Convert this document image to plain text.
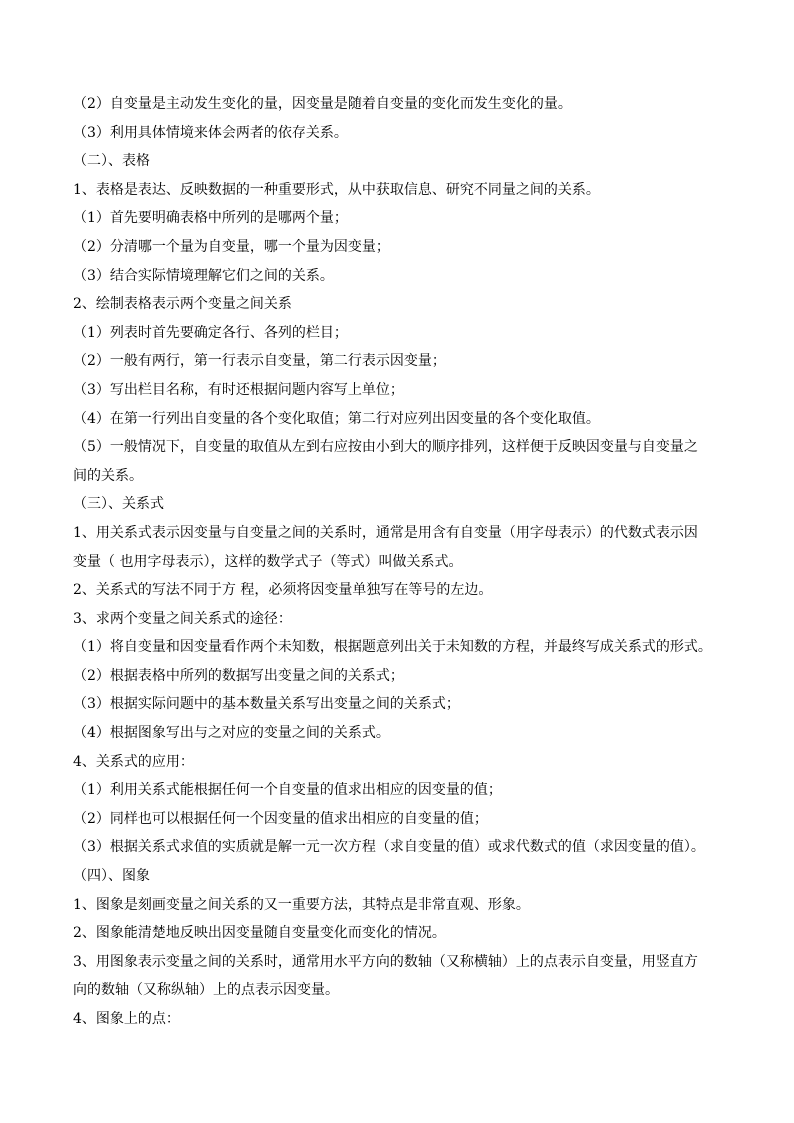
（2）自变量是主动发生变化的量，因变量是随着自变量的变化而发生变化的量。
（3）利用具体情境来体会两者的依存关系。
（二）、表格
1、表格是表达、反映数据的一种重要形式，从中获取信息、研究不同量之间的关系。
（1）首先要明确表格中所列的是哪两个量；
（2）分清哪一个量为自变量，哪一个量为因变量；
（3）结合实际情境理解它们之间的关系。
2、绘制表格表示两个变量之间关系
（1）列表时首先要确定各行、各列的栏目；
（2）一般有两行，第一行表示自变量，第二行表示因变量；
（3）写出栏目名称，有时还根据问题内容写上单位；
（4）在第一行列出自变量的各个变化取值；第二行对应列出因变量的各个变化取值。
（5）一般情况下，自变量的取值从左到右应按由小到大的顺序排列，这样便于反映因变量与自变量之
间的关系。
（三）、关系式
1、用关系式表示因变量与自变量之间的关系时，通常是用含有自变量（用字母表示）的代数式表示因
变量（ 也用字母表示），这样的数学式子（等式）叫做关系式。
2、关系式的写法不同于方 程，必须将因变量单独写在等号的左边。
3、求两个变量之间关系式的途径：
（1）将自变量和因变量看作两个未知数，根据题意列出关于未知数的方程，并最终写成关系式的形式。
（2）根据表格中所列的数据写出变量之间的关系式；
（3）根据实际问题中的基本数量关系写出变量之间的关系式；
（4）根据图象写出与之对应的变量之间的关系式。
4、关系式的应用：
（1）利用关系式能根据任何一个自变量的值求出相应的因变量的值；
（2）同样也可以根据任何一个因变量的值求出相应的自变量的值；
（3）根据关系式求值的实质就是解一元一次方程（求自变量的值）或求代数式的值（求因变量的值）。
（四）、图象
1、图象是刻画变量之间关系的又一重要方法，其特点是非常直观、形象。
2、图象能清楚地反映出因变量随自变量变化而变化的情况。
3、用图象表示变量之间的关系时，通常用水平方向的数轴（又称横轴）上的点表示自变量，用竖直方
向的数轴（又称纵轴）上的点表示因变量。
4、图象上的点：
